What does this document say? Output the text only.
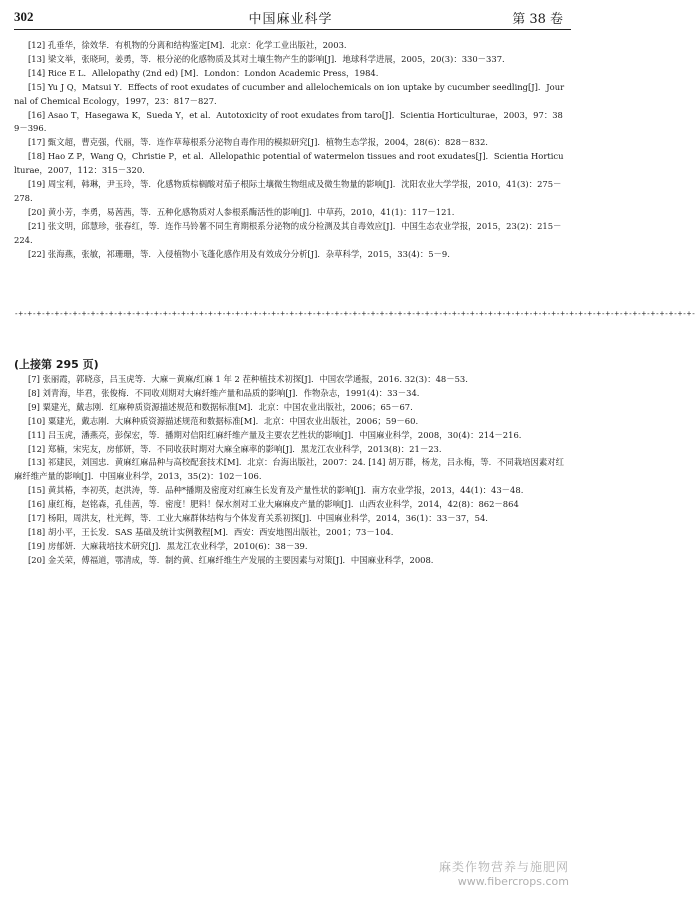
302	中国麻业科学	第 38 卷

[12] 孔垂华，徐效华．有机物的分离和结构鉴定[M]．北京：化学工业出版社，2003.

[13] 梁文举，张晓珂，姜勇，等．根分泌的化感物质及其对土壤生物产生的影响[J]．地球科学进展，2005，20(3)：330－337.

[14] Rice E L．Allelopathy (2nd ed) [M]．London：London Academic Press，1984.

[15] Yu J Q，Matsui Y．Effects of root exudates of cucumber and allelochemicals on ion uptake by cucumber seedling[J]．Journal of Chemical Ecology，1997，23：817－827.

[16] Asao T，Hasegawa K，Sueda Y，et al．Autotoxicity of root exudates from taro[J]．Scientia Horticulturae，2003，97：389－396.

[17] 甄文超，曹克强，代丽，等．连作草莓根系分泌物自毒作用的模拟研究[J]．植物生态学报，2004，28(6)：828－832.

[18] Hao Z P，Wang Q，Christie P，et al．Allelopathic potential of watermelon tissues and root exudates[J]．Scientia Horticulturae，2007，112：315－320.

[19] 周宝利，韩琳，尹玉玲，等．化感物质棕榈酸对茄子根际土壤微生物组成及微生物量的影响[J]．沈阳农业大学学报，2010，41(3)：275－278.

[20] 黄小芳，李勇，易茜茜，等．五种化感物质对人参根系酶活性的影响[J]．中草药，2010，41(1)：117－121.

[21] 张文明，邱慧珍，张春红，等．连作马铃薯不同生育期根系分泌物的成分检测及其自毒效应[J]．中国生态农业学报，2015，23(2)：215－224.

[22] 张海燕，张敏，祁珊珊，等．入侵植物小飞蓬化感作用及有效成分分析[J]．杂草科学，2015，33(4)：5－9.

-+-+-+-+-+-+-+-+-+-+-+-+-+-+-+-+-+-+-+-+-+-+-+-+-+-+-+-+-+-+-+-+-+-+-+-+-+-+-+-+-+-+-+-+-+-+-+-+-+-+-+-+-+-+-+-+-+-+-+-+-+-+-+-+-+-+-+-+-+-+-+-+-+-+-+-
(上接第 295 页)

[7] 张丽霞，郭晓彦，吕玉虎等．大麻－黄麻/红麻 1 年 2 茬种植技术初探[J]．中国农学通报，2016. 32(3)：48－53.

[8] 刘青海，毕君，张俊梅．不同收刈期对大麻纤维产量和品质的影响[J]．作物杂志，1991(4)：33－34.

[9] 粟建光，戴志刚．红麻种质资源描述规范和数据标准[M]．北京：中国农业出版社，2006；65－67.

[10] 粟建光，戴志刚．大麻种质资源描述规范和数据标准[M]．北京：中国农业出版社，2006；59－60.

[11] 吕玉虎，潘燕亮，彭保宏，等．播期对信阳红麻纤维产量及主要农艺性状的影响[J]．中国麻业科学，2008，30(4)：214－216.

[12] 郑楠，宋宪友，房郁妍，等．不同收获时期对大麻全麻率的影响[J]．黑龙江农业科学，2013(8)：21－23.

[13] 祁建民，刘国忠．黄麻红麻品种与高校配套技术[M]．北京：台海出版社，2007：24. [14] 胡万群，杨龙，吕永梅，等．不同栽培因素对红麻纤维产量的影响[J]．中国麻业科学，2013，35(2)：102－106.

[15] 黄其椿，李初英，赵洪涛，等．品种*播期及密度对红麻生长发育及产量性状的影响[J]．南方农业学报，2013，44(1)：43－48.

[16] 康红梅，赵铭森，孔佳茜，等．密度！肥料！保水剂对工业大麻麻皮产量的影响[J]．山西农业科学，2014，42(8)：862－864

[17] 杨阳，周洪友，杜光辉，等．工业大麻群体结构与个体发育关系初探[J]．中国麻业科学，2014，36(1)：33－37，54.

[18] 胡小平，王长发．SAS 基础及统计实例教程[M]．西安：西安地图出版社，2001；73－104.

[19] 房郁妍．大麻栽培技术研究[J]．黑龙江农业科学，2010(6)：38－39.

[20] 金关荣，傅福道，鄂清成，等．制约黄、红麻纤维生产发展的主要因素与对策[J]．中国麻业科学，2008.

麻类作物营养与施肥网
www.fibercrops.com
